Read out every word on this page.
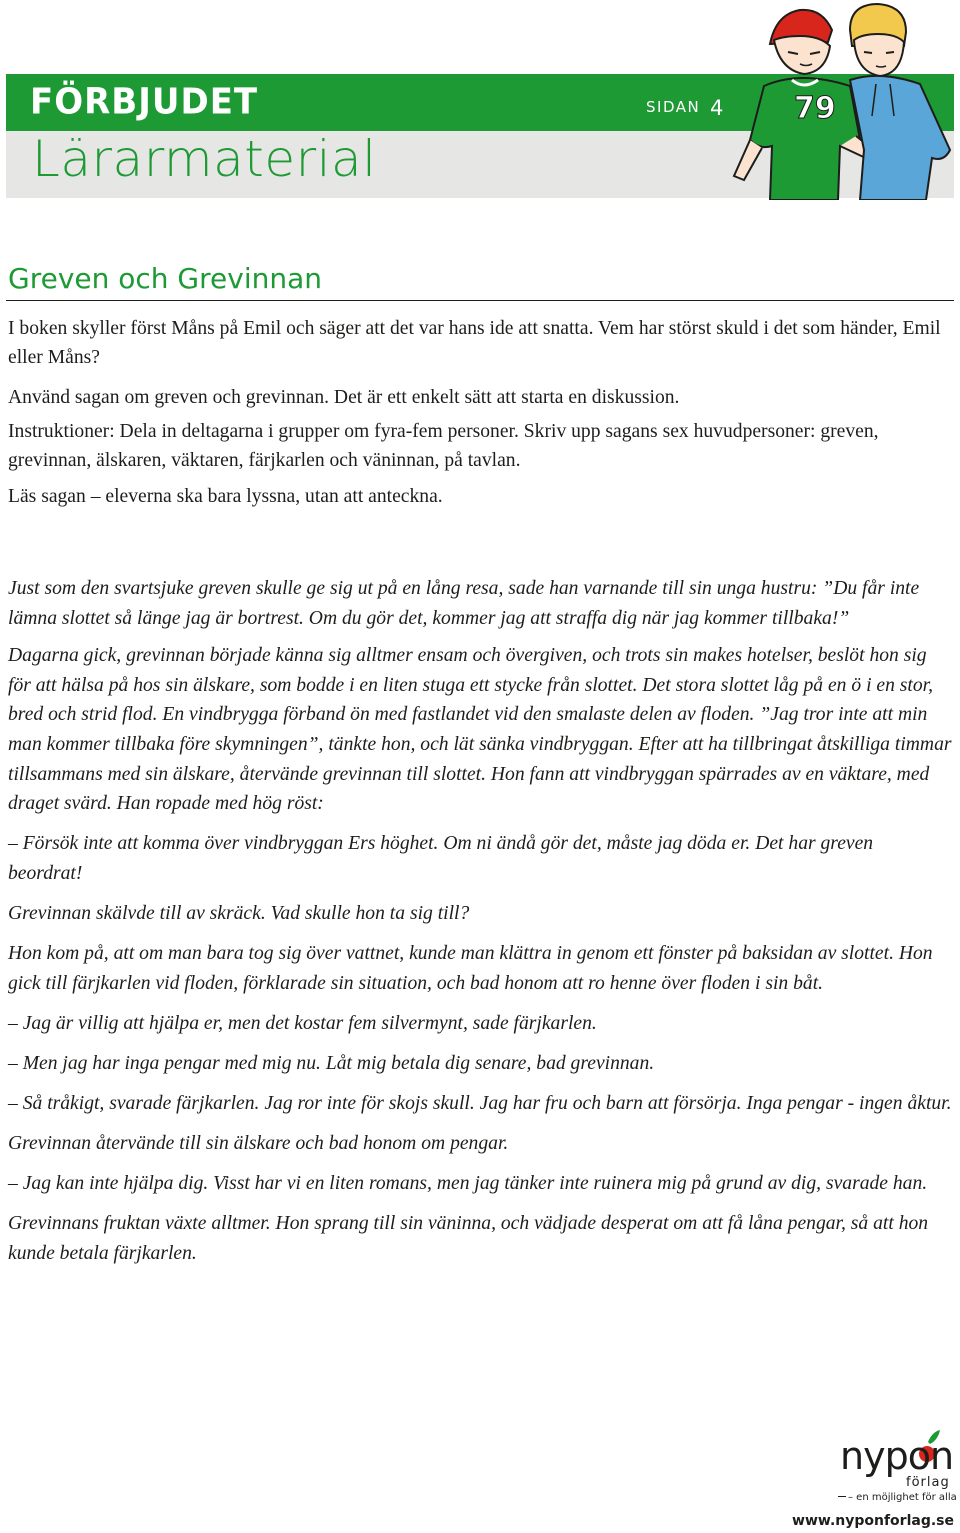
FÖRBJUDET	SIDAN 4
Lärarmaterial
79
Greven och Grevinnan

I boken skyller först Måns på Emil och säger att det var hans ide att snatta. Vem har störst skuld i det som händer, Emil eller Måns?

Använd sagan om greven och grevinnan. Det är ett enkelt sätt att starta en diskussion.

Instruktioner: Dela in deltagarna i grupper om fyra-fem personer. Skriv upp sagans sex huvudpersoner: greven, grevinnan, älskaren, väktaren, färjkarlen och väninnan, på tavlan.

Läs sagan – eleverna ska bara lyssna, utan att anteckna.

Just som den svartsjuke greven skulle ge sig ut på en lång resa, sade han varnande till sin unga hustru: ”Du får inte lämna slottet så länge jag är bortrest. Om du gör det, kommer jag att straffa dig när jag kommer tillbaka!”

Dagarna gick, grevinnan började känna sig alltmer ensam och övergiven, och trots sin makes hotelser, beslöt hon sig för att hälsa på hos sin älskare, som bodde i en liten stuga ett stycke från slottet. Det stora slottet låg på en ö i en stor, bred och strid flod. En vindbrygga förband ön med fastlandet vid den smalaste delen av floden. ”Jag tror inte att min man kommer tillbaka före skymningen”, tänkte hon, och lät sänka vindbryggan. Efter att ha tillbringat åtskilliga timmar tillsammans med sin älskare, återvände grevinnan till slottet. Hon fann att vindbryggan spärrades av en väktare, med draget svärd. Han ropade med hög röst:

– Försök inte att komma över vindbryggan Ers höghet. Om ni ändå gör det, måste jag döda er. Det har greven beordrat!

Grevinnan skälvde till av skräck. Vad skulle hon ta sig till?

Hon kom på, att om man bara tog sig över vattnet, kunde man klättra in genom ett fönster på baksidan av slottet. Hon gick till färjkarlen vid floden, förklarade sin situation, och bad honom att ro henne över floden i sin båt.

– Jag är villig att hjälpa er, men det kostar fem silvermynt, sade färjkarlen.

– Men jag har inga pengar med mig nu. Låt mig betala dig senare, bad grevinnan.

– Så tråkigt, svarade färjkarlen. Jag ror inte för skojs skull. Jag har fru och barn att försörja. Inga pengar - ingen åktur.

Grevinnan återvände till sin älskare och bad honom om pengar.

– Jag kan inte hjälpa dig. Visst har vi en liten romans, men jag tänker inte ruinera mig på grund av dig, svarade han.

Grevinnans fruktan växte alltmer. Hon sprang till sin väninna, och vädjade desperat om att få låna pengar, så att hon kunde betala färjkarlen.

nypon
förlag
– en möjlighet för alla
www.nyponforlag.se
